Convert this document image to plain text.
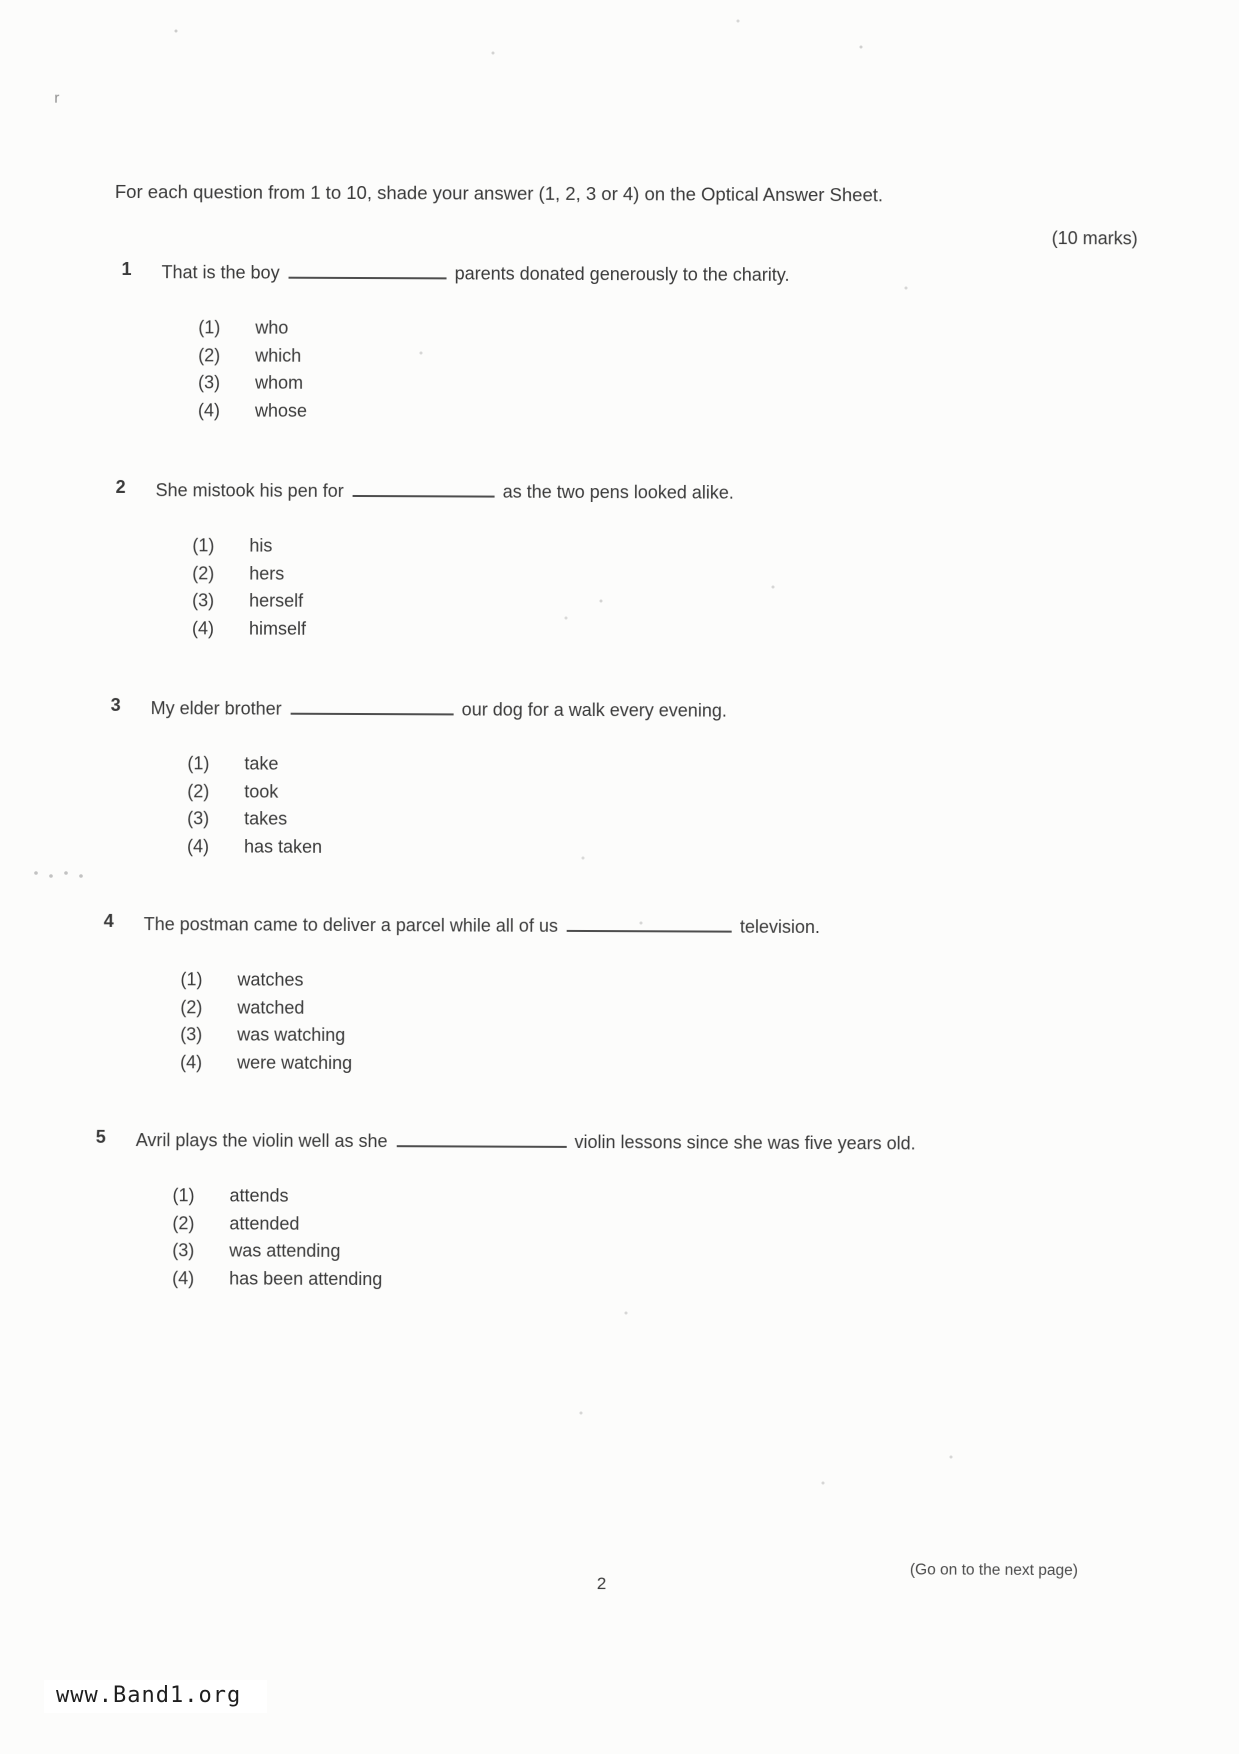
r

For each question from 1 to 10, shade your answer (1, 2, 3 or 4) on the Optical Answer Sheet.

(10 marks)
1 That is the boy	parents donated generously to the charity.

(1)	who
(2)	which
(3)	whom
(4)	whose
2 She mistook his pen for	as the two pens looked alike.

(1)	his
(2)	hers
(3)	herself
(4)	himself
3 My elder brother	our dog for a walk every evening.

(1)	take
(2)	took
(3)	takes
(4)	has taken
4 The postman came to deliver a parcel while all of us	television.

(1)	watches
(2)	watched
(3)	was watching
(4)	were watching
5 Avril plays the violin well as she	violin lessons since she was five years old.

(1)	attends
(2)	attended
(3)	was attending
(4)	has been attending
2
(Go on to the next page)
www.Band1.org
